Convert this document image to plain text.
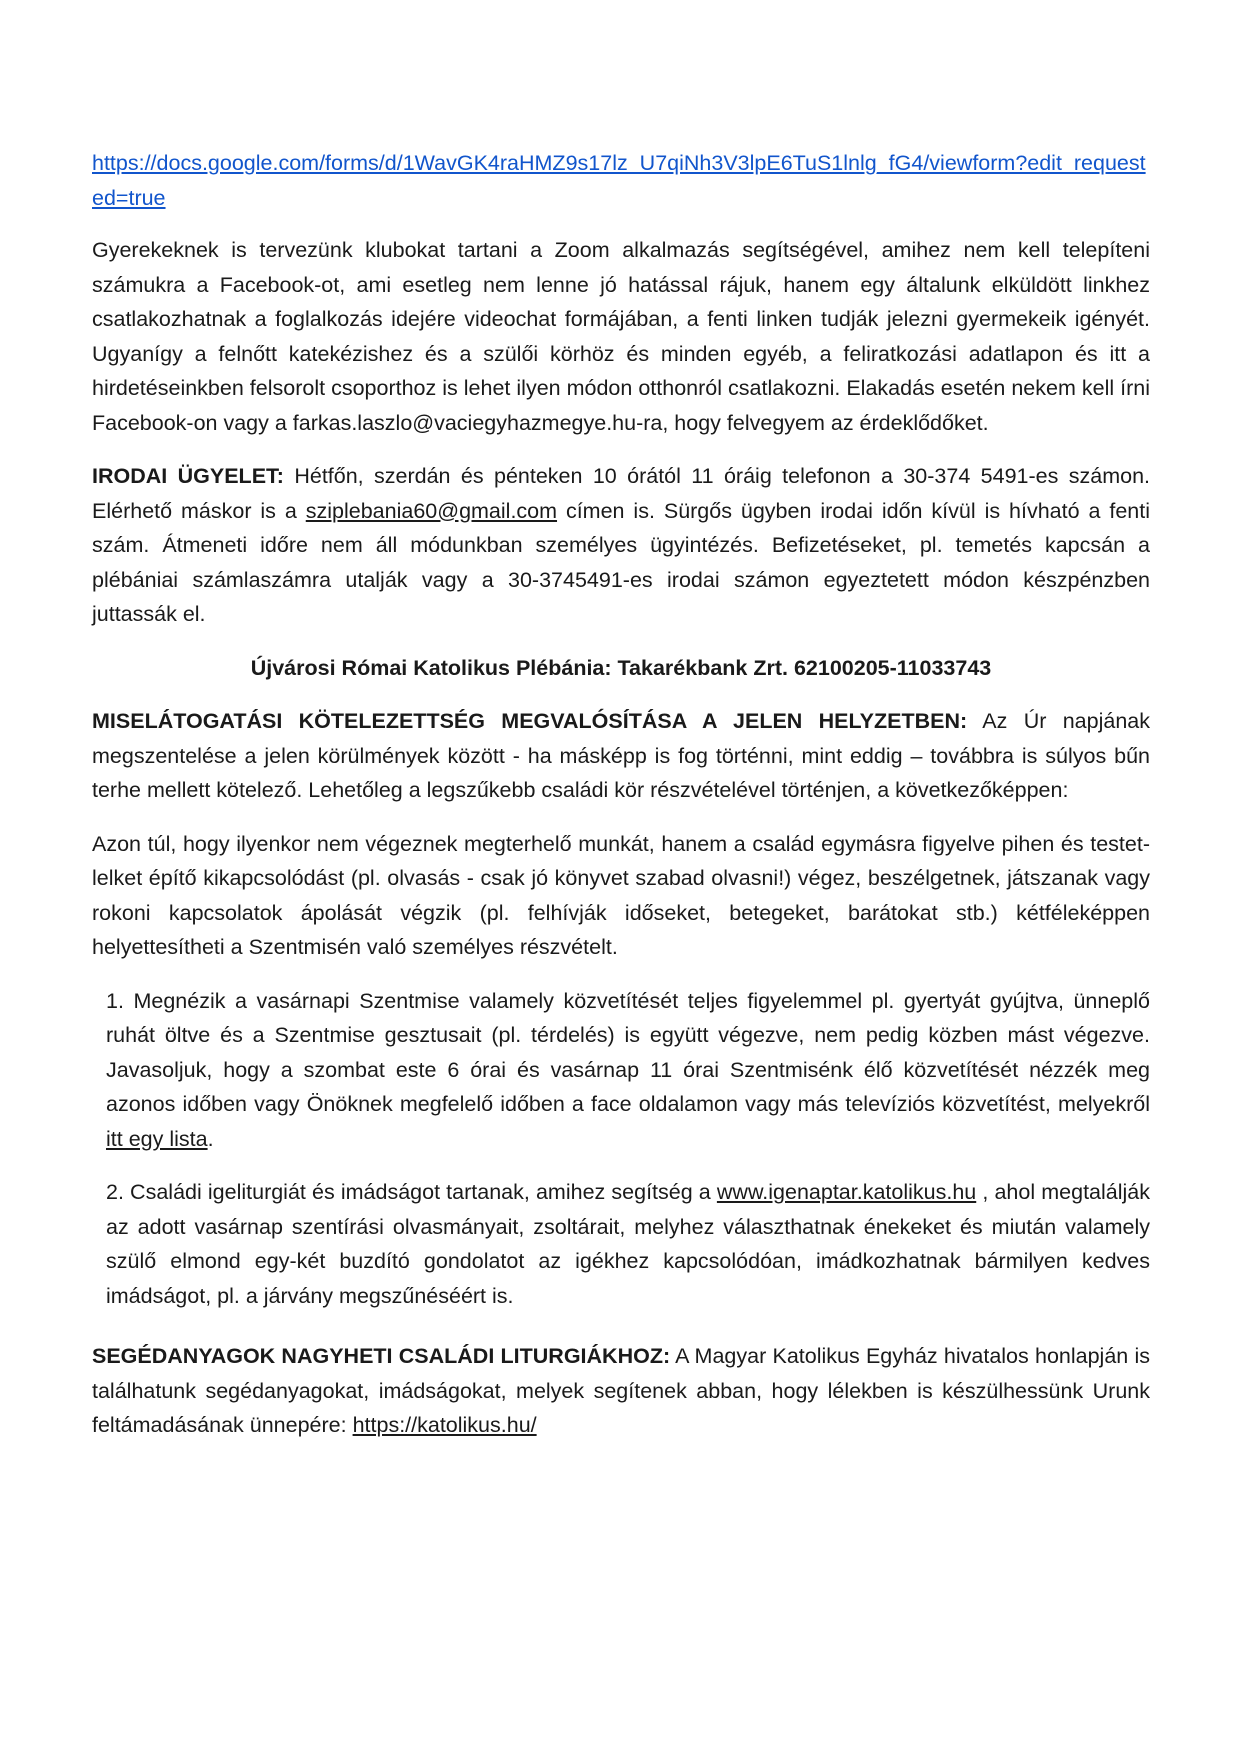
https://docs.google.com/forms/d/1WavGK4raHMZ9s17lz_U7qiNh3V3lpE6TuS1lnlg_fG4/viewform?edit_requested=true

Gyerekeknek is tervezünk klubokat tartani a Zoom alkalmazás segítségével, amihez nem kell telepíteni számukra a Facebook-ot, ami esetleg nem lenne jó hatással rájuk, hanem egy általunk elküldött linkhez csatlakozhatnak a foglalkozás idejére videochat formájában, a fenti linken tudják jelezni gyermekeik igényét. Ugyanígy a felnőtt katekézishez és a szülői körhöz és minden egyéb, a feliratkozási adatlapon és itt a hirdetéseinkben felsorolt csoporthoz is lehet ilyen módon otthonról csatlakozni. Elakadás esetén nekem kell írni Facebook-on vagy a farkas.laszlo@vaciegyhazmegye.hu-ra, hogy felvegyem az érdeklődőket.

IRODAI ÜGYELET: Hétfőn, szerdán és pénteken 10 órától 11 óráig telefonon a 30-374 5491-es számon. Elérhető máskor is a sziplebania60@gmail.com címen is. Sürgős ügyben irodai időn kívül is hívható a fenti szám. Átmeneti időre nem áll módunkban személyes ügyintézés. Befizetéseket, pl. temetés kapcsán a plébániai számlaszámra utalják vagy a 30-3745491-es irodai számon egyeztetett módon készpénzben juttassák el.

Újvárosi Római Katolikus Plébánia: Takarékbank Zrt. 62100205-11033743

MISELÁTOGATÁSI KÖTELEZETTSÉG MEGVALÓSÍTÁSA A JELEN HELYZETBEN: Az Úr napjának megszentelése a jelen körülmények között - ha másképp is fog történni, mint eddig – továbbra is súlyos bűn terhe mellett kötelező. Lehetőleg a legszűkebb családi kör részvételével történjen, a következőképpen:

Azon túl, hogy ilyenkor nem végeznek megterhelő munkát, hanem a család egymásra figyelve pihen és testet-lelket építő kikapcsolódást (pl. olvasás - csak jó könyvet szabad olvasni!) végez, beszélgetnek, játszanak vagy rokoni kapcsolatok ápolását végzik (pl. felhívják időseket, betegeket, barátokat stb.) kétféleképpen helyettesítheti a Szentmisén való személyes részvételt.

1. Megnézik a vasárnapi Szentmise valamely közvetítését teljes figyelemmel pl. gyertyát gyújtva, ünneplő ruhát öltve és a Szentmise gesztusait (pl. térdelés) is együtt végezve, nem pedig közben mást végezve. Javasoljuk, hogy a szombat este 6 órai és vasárnap 11 órai Szentmisénk élő közvetítését nézzék meg azonos időben vagy Önöknek megfelelő időben a face oldalamon vagy más televíziós közvetítést, melyekről itt egy lista.
2. Családi igeliturgiát és imádságot tartanak, amihez segítség a www.igenaptar.katolikus.hu , ahol megtalálják az adott vasárnap szentírási olvasmányait, zsoltárait, melyhez választhatnak énekeket és miután valamely szülő elmond egy-két buzdító gondolatot az igékhez kapcsolódóan, imádkozhatnak bármilyen kedves imádságot, pl. a járvány megszűnéséért is.

SEGÉDANYAGOK NAGYHETI CSALÁDI LITURGIÁKHOZ: A Magyar Katolikus Egyház hivatalos honlapján is találhatunk segédanyagokat, imádságokat, melyek segítenek abban, hogy lélekben is készülhessünk Urunk feltámadásának ünnepére: https://katolikus.hu/
